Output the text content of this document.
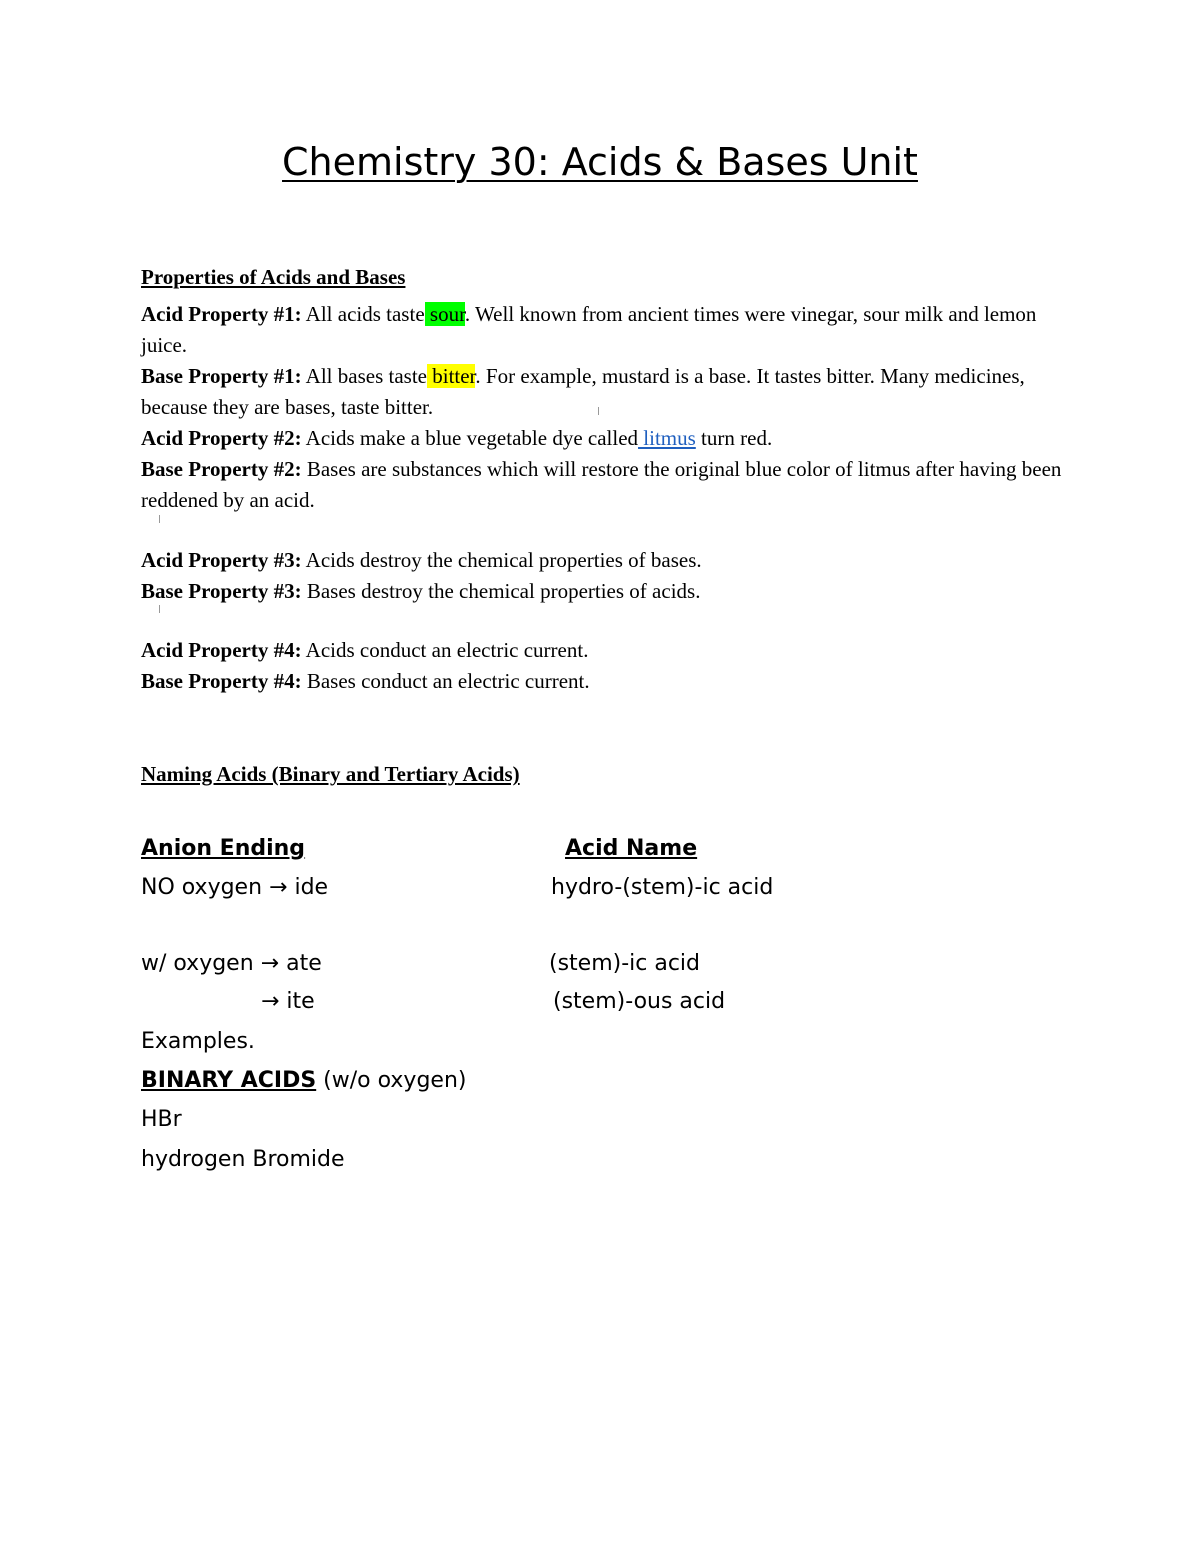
Chemistry 30: Acids & Bases Unit
Properties of Acids and Bases
Acid Property #1: All acids taste sour. Well known from ancient times were vinegar, sour milk and lemon juice.
Base Property #1: All bases taste bitter. For example, mustard is a base. It tastes bitter. Many medicines, because they are bases, taste bitter.
Acid Property #2: Acids make a blue vegetable dye called litmus turn red.
Base Property #2: Bases are substances which will restore the original blue color of litmus after having been reddened by an acid.
Acid Property #3: Acids destroy the chemical properties of bases.
Base Property #3: Bases destroy the chemical properties of acids.
Acid Property #4: Acids conduct an electric current.
Base Property #4: Bases conduct an electric current.
Naming Acids (Binary and Tertiary Acids)
Anion Ending	Acid Name
NO oxygen → ide	hydro-(stem)-ic acid
w/ oxygen → ate	(stem)-ic acid
→ ite	(stem)-ous acid
Examples.
BINARY ACIDS (w/o oxygen)
HBr
hydrogen Bromide
